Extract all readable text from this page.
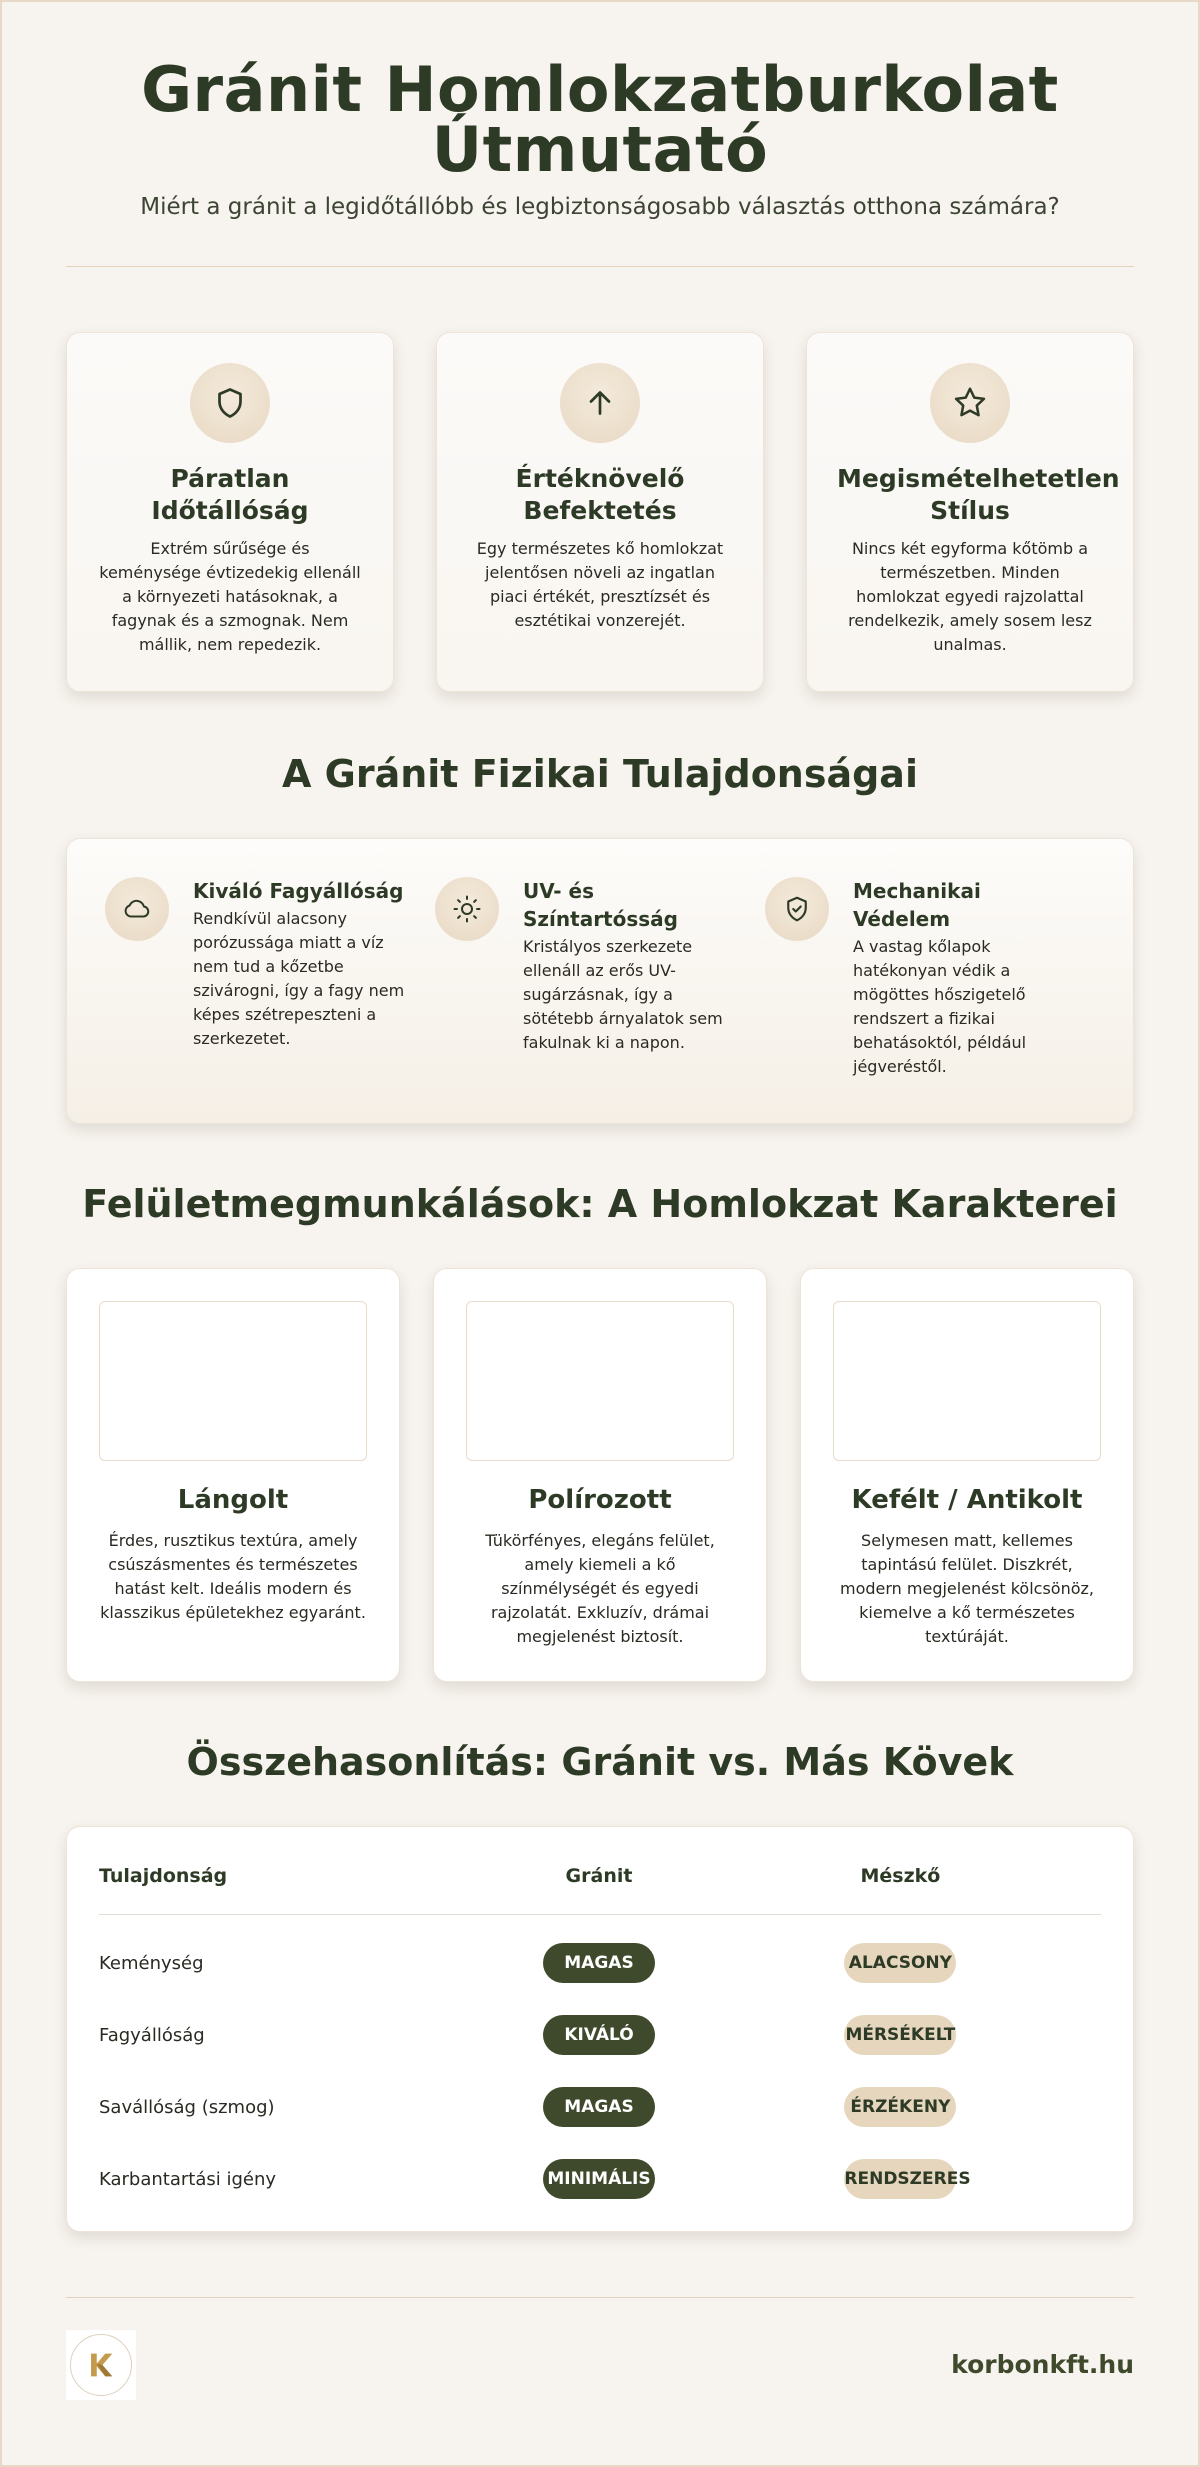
Gránit Homlokzatburkolat
Útmutató

Miért a gránit a legidőtállóbb és legbiztonságosabb választás otthona számára?

Páratlan Időtállóság

Extrém sűrűsége és keménysége évtizedekig ellenáll a környezeti hatásoknak, a fagynak és a szmognak. Nem mállik, nem repedezik.

Értéknövelő Befektetés

Egy természetes kő homlokzat jelentősen növeli az ingatlan piaci értékét, presztízsét és esztétikai vonzerejét.

Megismételhetetlen Stílus

Nincs két egyforma kőtömb a természetben. Minden homlokzat egyedi rajzolattal rendelkezik, amely sosem lesz unalmas.

A Gránit Fizikai Tulajdonságai
Kiváló Fagyállóság

Rendkívül alacsony porózussága miatt a víz nem tud a kőzetbe szivárogni, így a fagy nem képes szétrepeszteni a szerkezetet.

UV- és Színtartósság

Kristályos szerkezete ellenáll az erős UV-sugárzásnak, így a sötétebb árnyalatok sem fakulnak ki a napon.

Mechanikai Védelem

A vastag kőlapok hatékonyan védik a mögöttes hőszigetelő rendszert a fizikai behatásoktól, például jégveréstől.

Felületmegmunkálások: A Homlokzat Karakterei
Lángolt

Érdes, rusztikus textúra, amely csúszásmentes és természetes hatást kelt. Ideális modern és klasszikus épületekhez egyaránt.

Polírozott

Tükörfényes, elegáns felület, amely kiemeli a kő színmélységét és egyedi rajzolatát. Exkluzív, drámai megjelenést biztosít.

Kefélt / Antikolt

Selymesen matt, kellemes tapintású felület. Diszkrét, modern megjelenést kölcsönöz, kiemelve a kő természetes textúráját.

Összehasonlítás: Gránit vs. Más Kövek
Tulajdonság	Gránit	Mészkő
Keménység	MAGAS	ALACSONY
Fagyállóság	KIVÁLÓ	MÉRSÉKELT
Savállóság (szmog)	MAGAS	ÉRZÉKENY
Karbantartási igény	MINIMÁLIS	RENDSZERES
korbonkft.hu
